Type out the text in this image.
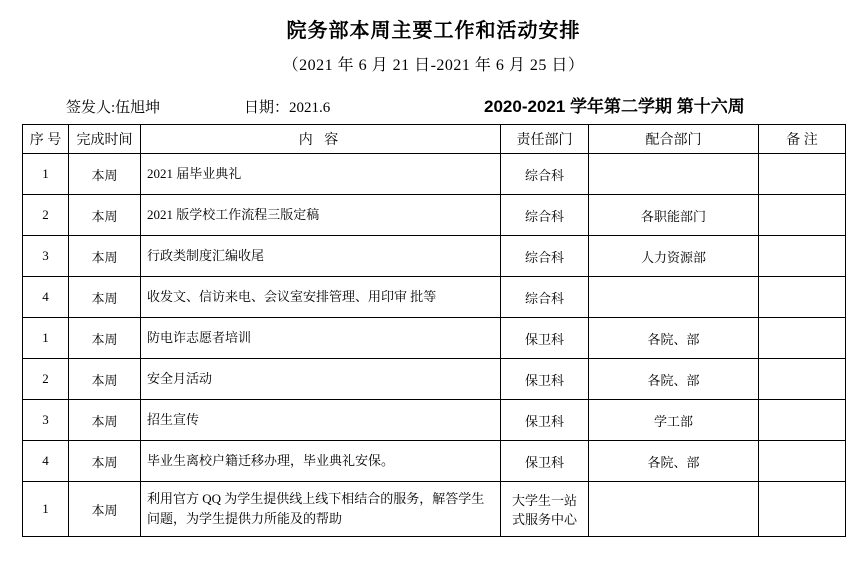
院务部本周主要工作和活动安排
（2021 年 6 月 21 日-2021 年 6 月 25 日）
签发人:伍旭坤	日期：2021.6	2020-2021 学年第二学期 第十六周
序 号	完成时间	内 容	责任部门	配合部门	备 注
1	本周	2021 届毕业典礼	综合科		
2	本周	2021 版学校工作流程三版定稿	综合科	各职能部门	
3	本周	行政类制度汇编收尾	综合科	人力资源部	
4	本周	收发文、信访来电、会议室安排管理、用印审 批等	综合科		
1	本周	防电诈志愿者培训	保卫科	各院、部	
2	本周	安全月活动	保卫科	各院、部	
3	本周	招生宣传	保卫科	学工部	
4	本周	毕业生离校户籍迁移办理，毕业典礼安保。	保卫科	各院、部	
1	本周	利用官方 QQ 为学生提供线上线下相结合的服务，解答学生问题，为学生提供力所能及的帮助	大学生一站式服务中心		
